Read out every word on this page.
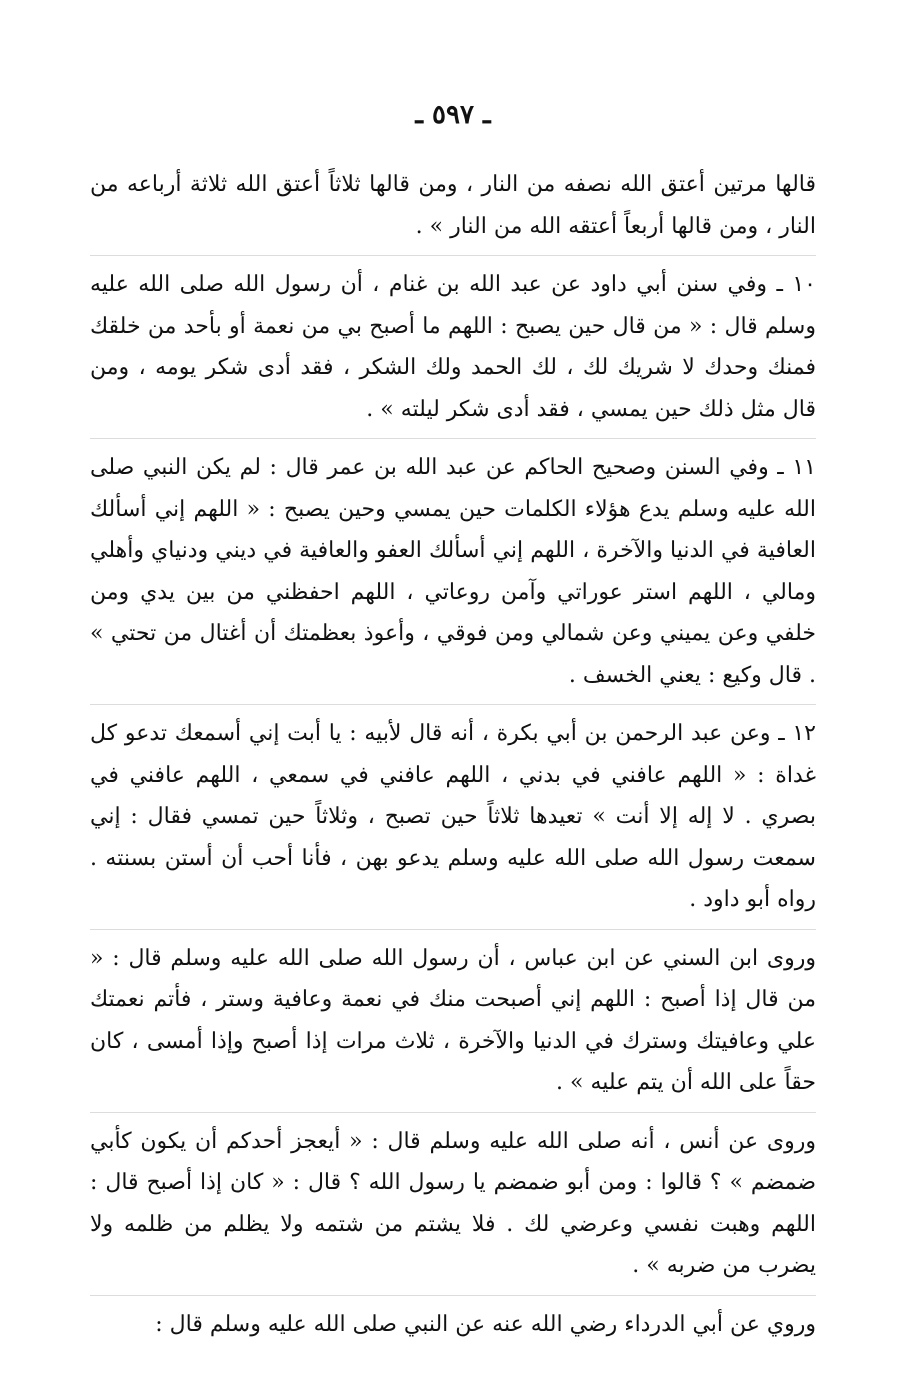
ـ ٥٩٧ ـ

قالها مرتين أعتق الله نصفه من النار ، ومن قالها ثلاثاً أعتق الله ثلاثة أرباعه من النار ، ومن قالها أربعاً أعتقه الله من النار » .

١٠ ـ وفي سنن أبي داود عن عبد الله بن غنام ، أن رسول الله صلى الله عليه وسلم قال : « من قال حين يصبح : اللهم ما أصبح بي من نعمة أو بأحد من خلقك فمنك وحدك لا شريك لك ، لك الحمد ولك الشكر ، فقد أدى شكر يومه ، ومن قال مثل ذلك حين يمسي ، فقد أدى شكر ليلته » .

١١ ـ وفي السنن وصحيح الحاكم عن عبد الله بن عمر قال : لم يكن النبي صلى الله عليه وسلم يدع هؤلاء الكلمات حين يمسي وحين يصبح : « اللهم إني أسألك العافية في الدنيا والآخرة ، اللهم إني أسألك العفو والعافية في ديني ودنياي وأهلي ومالي ، اللهم استر عوراتي وآمن روعاتي ، اللهم احفظني من بين يدي ومن خلفي وعن يميني وعن شمالي ومن فوقي ، وأعوذ بعظمتك أن أغتال من تحتي » . قال وكيع : يعني الخسف .

١٢ ـ وعن عبد الرحمن بن أبي بكرة ، أنه قال لأبيه : يا أبت إني أسمعك تدعو كل غداة : « اللهم عافني في بدني ، اللهم عافني في سمعي ، اللهم عافني في بصري . لا إله إلا أنت » تعيدها ثلاثاً حين تصبح ، وثلاثاً حين تمسي فقال : إني سمعت رسول الله صلى الله عليه وسلم يدعو بهن ، فأنا أحب أن أستن بسنته . رواه أبو داود .

وروى ابن السني عن ابن عباس ، أن رسول الله صلى الله عليه وسلم قال : « من قال إذا أصبح : اللهم إني أصبحت منك في نعمة وعافية وستر ، فأتم نعمتك علي وعافيتك وسترك في الدنيا والآخرة ، ثلاث مرات إذا أصبح وإذا أمسى ، كان حقاً على الله أن يتم عليه » .

وروى عن أنس ، أنه صلى الله عليه وسلم قال : « أيعجز أحدكم أن يكون كأبي ضمضم » ؟ قالوا : ومن أبو ضمضم يا رسول الله ؟ قال : « كان إذا أصبح قال : اللهم وهبت نفسي وعرضي لك . فلا يشتم من شتمه ولا يظلم من ظلمه ولا يضرب من ضربه » .

وروي عن أبي الدرداء رضي الله عنه عن النبي صلى الله عليه وسلم قال :
